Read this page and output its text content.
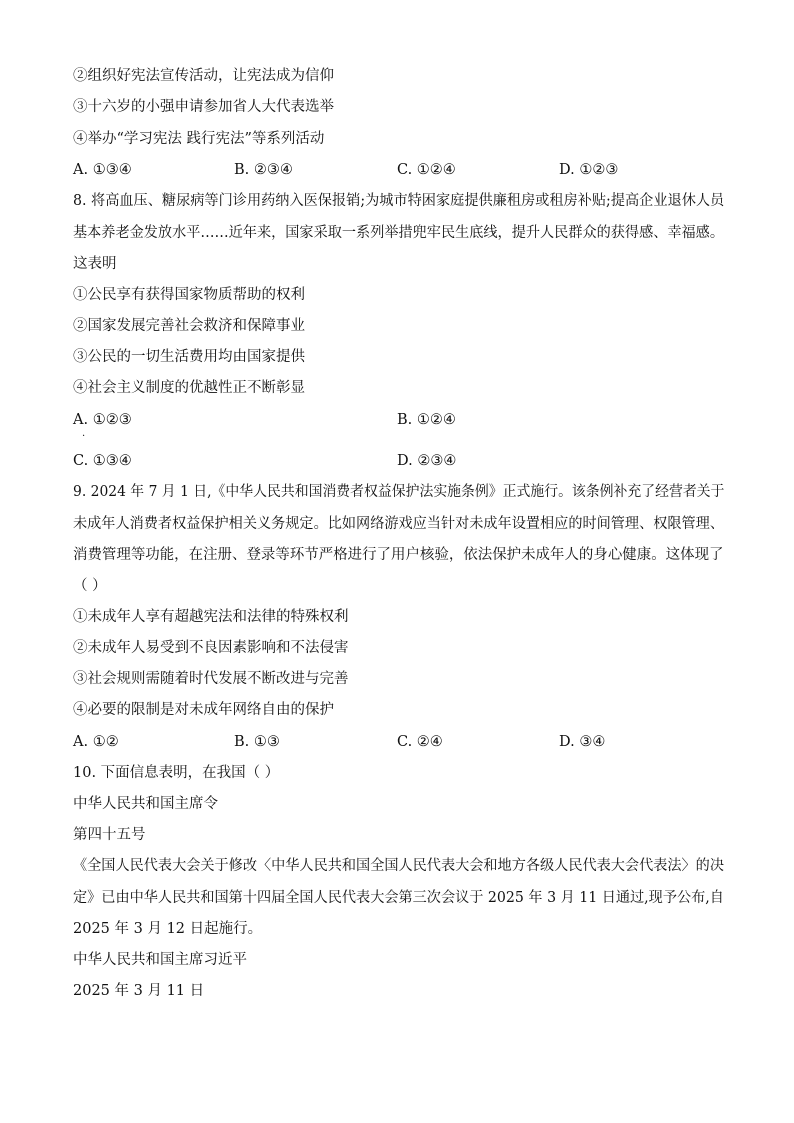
②组织好宪法宣传活动，让宪法成为信仰
③十六岁的小强申请参加省人大代表选举
④举办“学习宪法 践行宪法”等系列活动
A. ①③④	B. ②③④	C. ①②④	D. ①②③
8. 将高血压、糖尿病等门诊用药纳入医保报销;为城市特困家庭提供廉租房或租房补贴;提高企业退休人员
基本养老金发放水平……近年来，国家采取一系列举措兜牢民生底线，提升人民群众的获得感、幸福感。
这表明
①公民享有获得国家物质帮助的权利
②国家发展完善社会救济和保障事业
③公民的一切生活费用均由国家提供
④社会主义制度的优越性正不断彰显
A. ①②③	B. ①②④
.
C. ①③④	D. ②③④
9. 2024 年 7 月 1 日,《中华人民共和国消费者权益保护法实施条例》正式施行。该条例补充了经营者关于
未成年人消费者权益保护相关义务规定。比如网络游戏应当针对未成年设置相应的时间管理、权限管理、
消费管理等功能，在注册、登录等环节严格进行了用户核验，依法保护未成年人的身心健康。这体现了
（ ）
①未成年人享有超越宪法和法律的特殊权利
②未成年人易受到不良因素影响和不法侵害
③社会规则需随着时代发展不断改进与完善
④必要的限制是对未成年网络自由的保护
A. ①②	B. ①③	C. ②④	D. ③④
10. 下面信息表明，在我国（ ）
中华人民共和国主席令
第四十五号
《全国人民代表大会关于修改〈中华人民共和国全国人民代表大会和地方各级人民代表大会代表法〉的决
定》已由中华人民共和国第十四届全国人民代表大会第三次会议于 2025 年 3 月 11 日通过,现予公布,自
2025 年 3 月 12 日起施行。
中华人民共和国主席习近平
2025 年 3 月 11 日
